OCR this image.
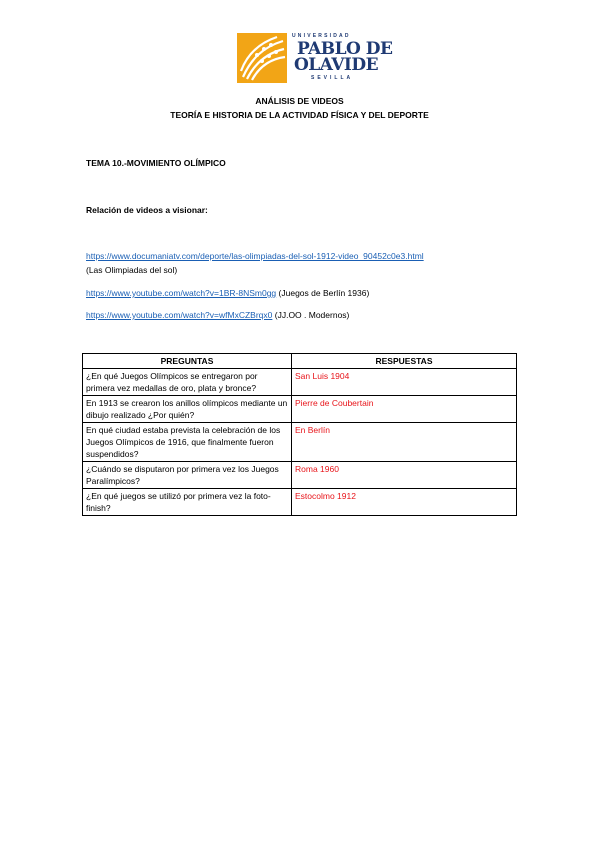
UNIVERSIDAD
PABLO DE
OLAVIDE
SEVILLA
ANÁLISIS DE VIDEOS
TEORÍA E HISTORIA DE LA ACTIVIDAD FÍSICA Y DEL DEPORTE
TEMA 10.-MOVIMIENTO OLÍMPICO
Relación de videos a visionar:
https://www.documaniatv.com/deporte/las-olimpiadas-del-sol-1912-video_90452c0e3.html
(Las Olimpiadas del sol)
https://www.youtube.com/watch?v=1BR-8NSm0gg (Juegos de Berlín 1936)
https://www.youtube.com/watch?v=wfMxCZBrqx0 (JJ.OO . Modernos)
PREGUNTAS	RESPUESTAS
¿En qué Juegos Olímpicos se entregaron por primera vez medallas de oro, plata y bronce?	San Luis 1904
En 1913 se crearon los anillos olímpicos mediante un dibujo realizado ¿Por quién?	Pierre de Coubertain
En qué ciudad estaba prevista la celebración de los Juegos Olímpicos de 1916, que finalmente fueron suspendidos?	En Berlín
¿Cuándo se disputaron por primera vez los Juegos Paralímpicos?	Roma 1960
¿En qué juegos se utilizó por primera vez la foto-finish?	Estocolmo 1912
